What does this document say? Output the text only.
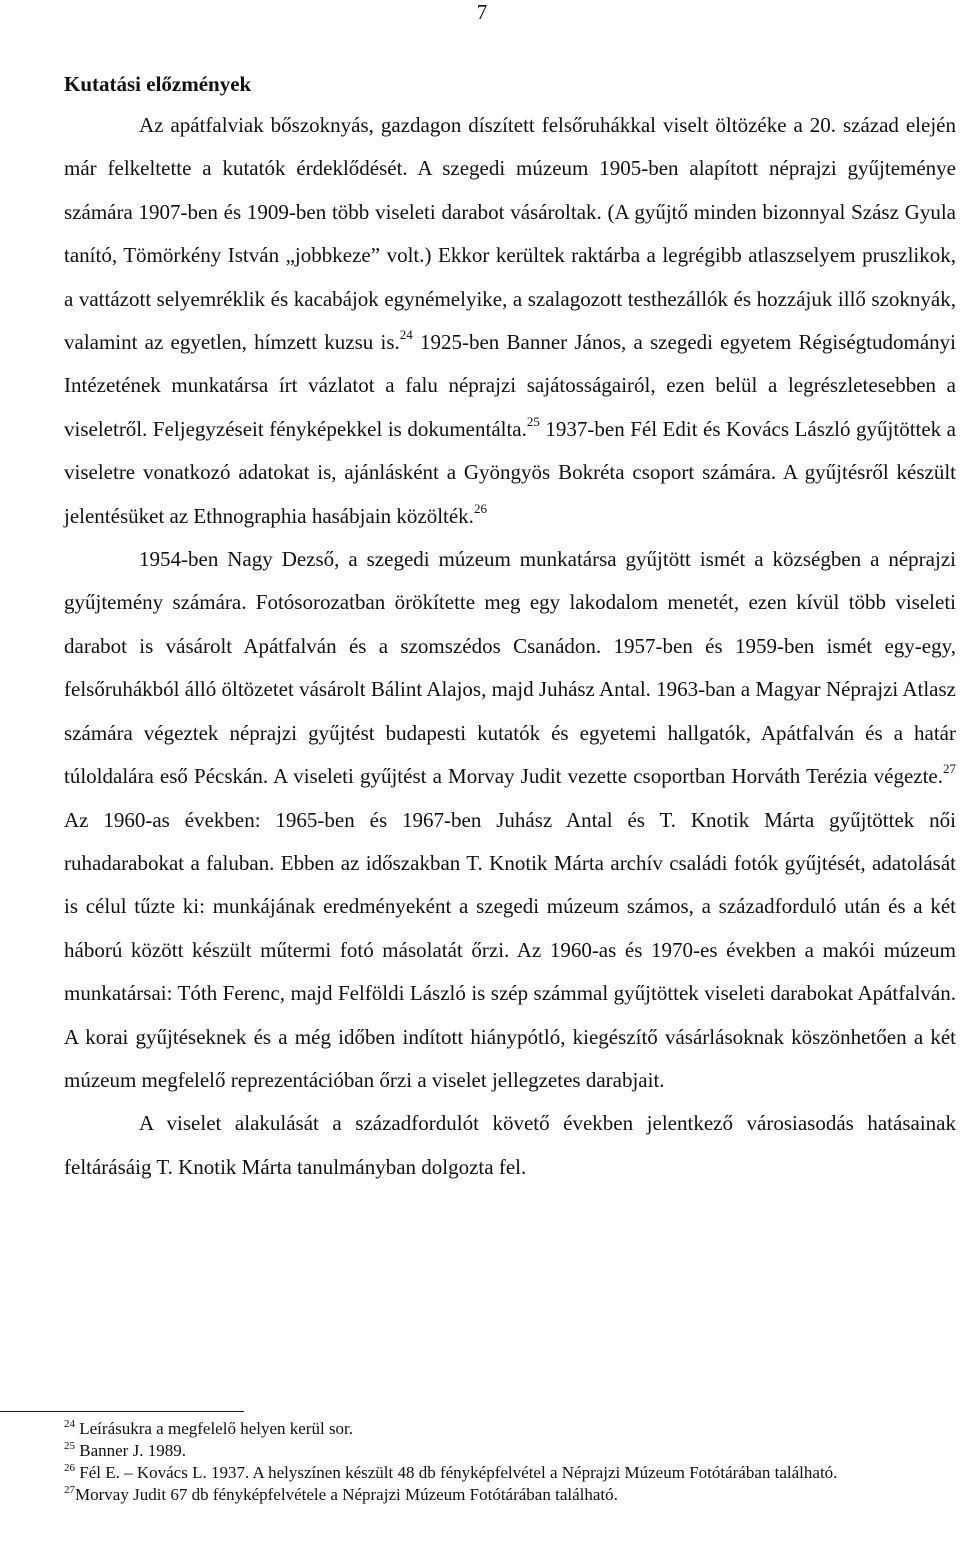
7
Kutatási előzmények

Az apátfalviak bőszoknyás, gazdagon díszített felsőruhákkal viselt öltözéke a 20. század elején már felkeltette a kutatók érdeklődését. A szegedi múzeum 1905-ben alapított néprajzi gyűjteménye számára 1907-ben és 1909-ben több viseleti darabot vásároltak. (A gyűjtő minden bizonnyal Szász Gyula tanító, Tömörkény István „jobbkeze” volt.) Ekkor kerültek raktárba a legrégibb atlaszselyem pruszlikok, a vattázott selyemréklik és kacabájok egynémelyike, a szalagozott testhezállók és hozzájuk illő szoknyák, valamint az egyetlen, hímzett kuzsu is.$^{24}$ 1925-ben Banner János, a szegedi egyetem Régiségtudományi Intézetének munkatársa írt vázlatot a falu néprajzi sajátosságairól, ezen belül a legrészletesebben a viseletről. Feljegyzéseit fényképekkel is dokumentálta.$^{25}$ 1937-ben Fél Edit és Kovács László gyűjtöttek a viseletre vonatkozó adatokat is, ajánlásként a Gyöngyös Bokréta csoport számára. A gyűjtésről készült jelentésüket az Ethnographia hasábjain közölték.$^{26}$

1954-ben Nagy Dezső, a szegedi múzeum munkatársa gyűjtött ismét a községben a néprajzi gyűjtemény számára. Fotósorozatban örökítette meg egy lakodalom menetét, ezen kívül több viseleti darabot is vásárolt Apátfalván és a szomszédos Csanádon. 1957-ben és 1959-ben ismét egy-egy, felsőruhákból álló öltözetet vásárolt Bálint Alajos, majd Juhász Antal. 1963-ban a Magyar Néprajzi Atlasz számára végeztek néprajzi gyűjtést budapesti kutatók és egyetemi hallgatók, Apátfalván és a határ túloldalára eső Pécskán. A viseleti gyűjtést a Morvay Judit vezette csoportban Horváth Terézia végezte.$^{27}$ Az 1960-as években: 1965-ben és 1967-ben Juhász Antal és T. Knotik Márta gyűjtöttek női ruhadarabokat a faluban. Ebben az időszakban T. Knotik Márta archív családi fotók gyűjtését, adatolását is célul tűzte ki: munkájának eredményeként a szegedi múzeum számos, a századforduló után és a két háború között készült műtermi fotó másolatát őrzi. Az 1960-as és 1970-es években a makói múzeum munkatársai: Tóth Ferenc, majd Felföldi László is szép számmal gyűjtöttek viseleti darabokat Apátfalván. A korai gyűjtéseknek és a még időben indított hiánypótló, kiegészítő vásárlásoknak köszönhetően a két múzeum megfelelő reprezentációban őrzi a viselet jellegzetes darabjait.

A viselet alakulását a századfordulót követő években jelentkező városiasodás hatásainak feltárásáig T. Knotik Márta tanulmányban dolgozta fel.

$^{24}$ Leírásukra a megfelelő helyen kerül sor.

$^{25}$ Banner J. 1989.

$^{26}$ Fél E. – Kovács L. 1937. A helyszínen készült 48 db fényképfelvétel a Néprajzi Múzeum Fotótárában található.

$^{27}$Morvay Judit 67 db fényképfelvétele a Néprajzi Múzeum Fotótárában található.
